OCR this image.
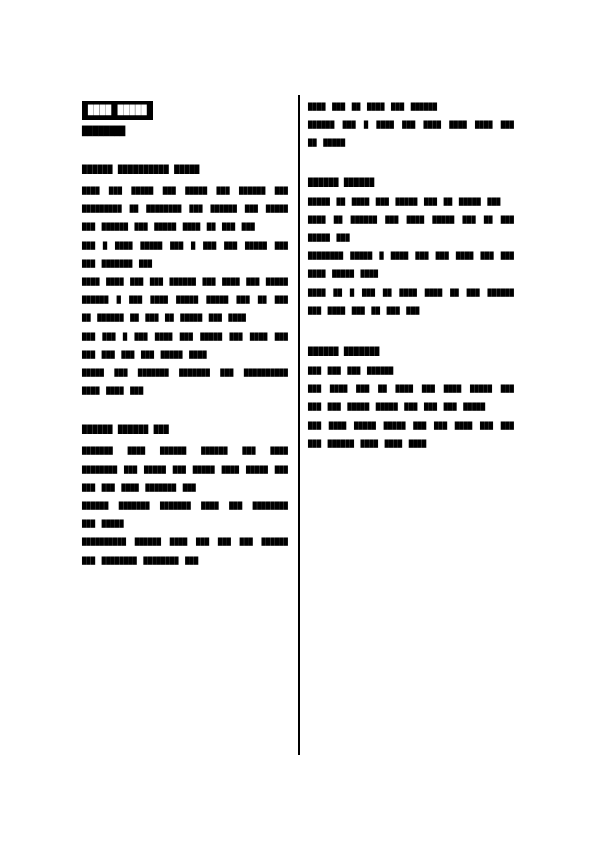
████ █████
████████

██████ ██████████ █████

████ ███ █████ ███ █████ ███ ██████ ███ █████████ ██ ████████ ███ ██████ ███ █████ ███ ██████ ███ █████ ████ ██ ███ ███

███ █ ████ █████ ███ █ ███ ███ █████ ███ ███ ███████ ███

████ ████ ███ ███ ██████ ███ ████ ███ █████ ██████ █ ███ ████ █████ █████ ███ ██ ███ ██ ██████ ██ ███ ██ █████ ███ ████

███ ███ █ ███ ████ ███ █████ ███ ████ ███ ███ ███ ███ ███ █████ ████

█████ ███ ███████ ███████ ███ ██████████ ████ ████ ███

██████ ██████ ███

███████ ████ ██████ ██████ ███ ████ ████████ ███ █████ ███ █████ ████ █████ ███ ███ ███ ████ ███████ ███

██████ ███████ ███████ ████ ███ ████████ ███ █████

██████████ ██████ ████ ███ ███ ███ ██████ ███ ████████ ████████ ███

████ ███ ██ ████ ███ ██████

██████ ███ █ ████ ███ ████ ████ ████ ███ ██ █████

██████ ██████

█████ ██ ████ ███ █████ ███ ██ █████ ███

████ ██ ██████ ███ ████ █████ ███ ██ ███ █████ ███

████████ █████ █ ████ ███ ███ ████ ███ ███ ████ █████ ████

████ ██ █ ███ ██ ████ ████ ██ ███ ██████ ███ ████ ███ ██ ███ ███

██████ ███████

███ ███ ███ ██████

███ ████ ███ ██ ████ ███ ████ █████ ███ ███ ███ █████ █████ ███ ███ ███ █████

███ ████ █████ █████ ███ ███ ████ ███ ███ ███ ██████ ████ ████ ████
